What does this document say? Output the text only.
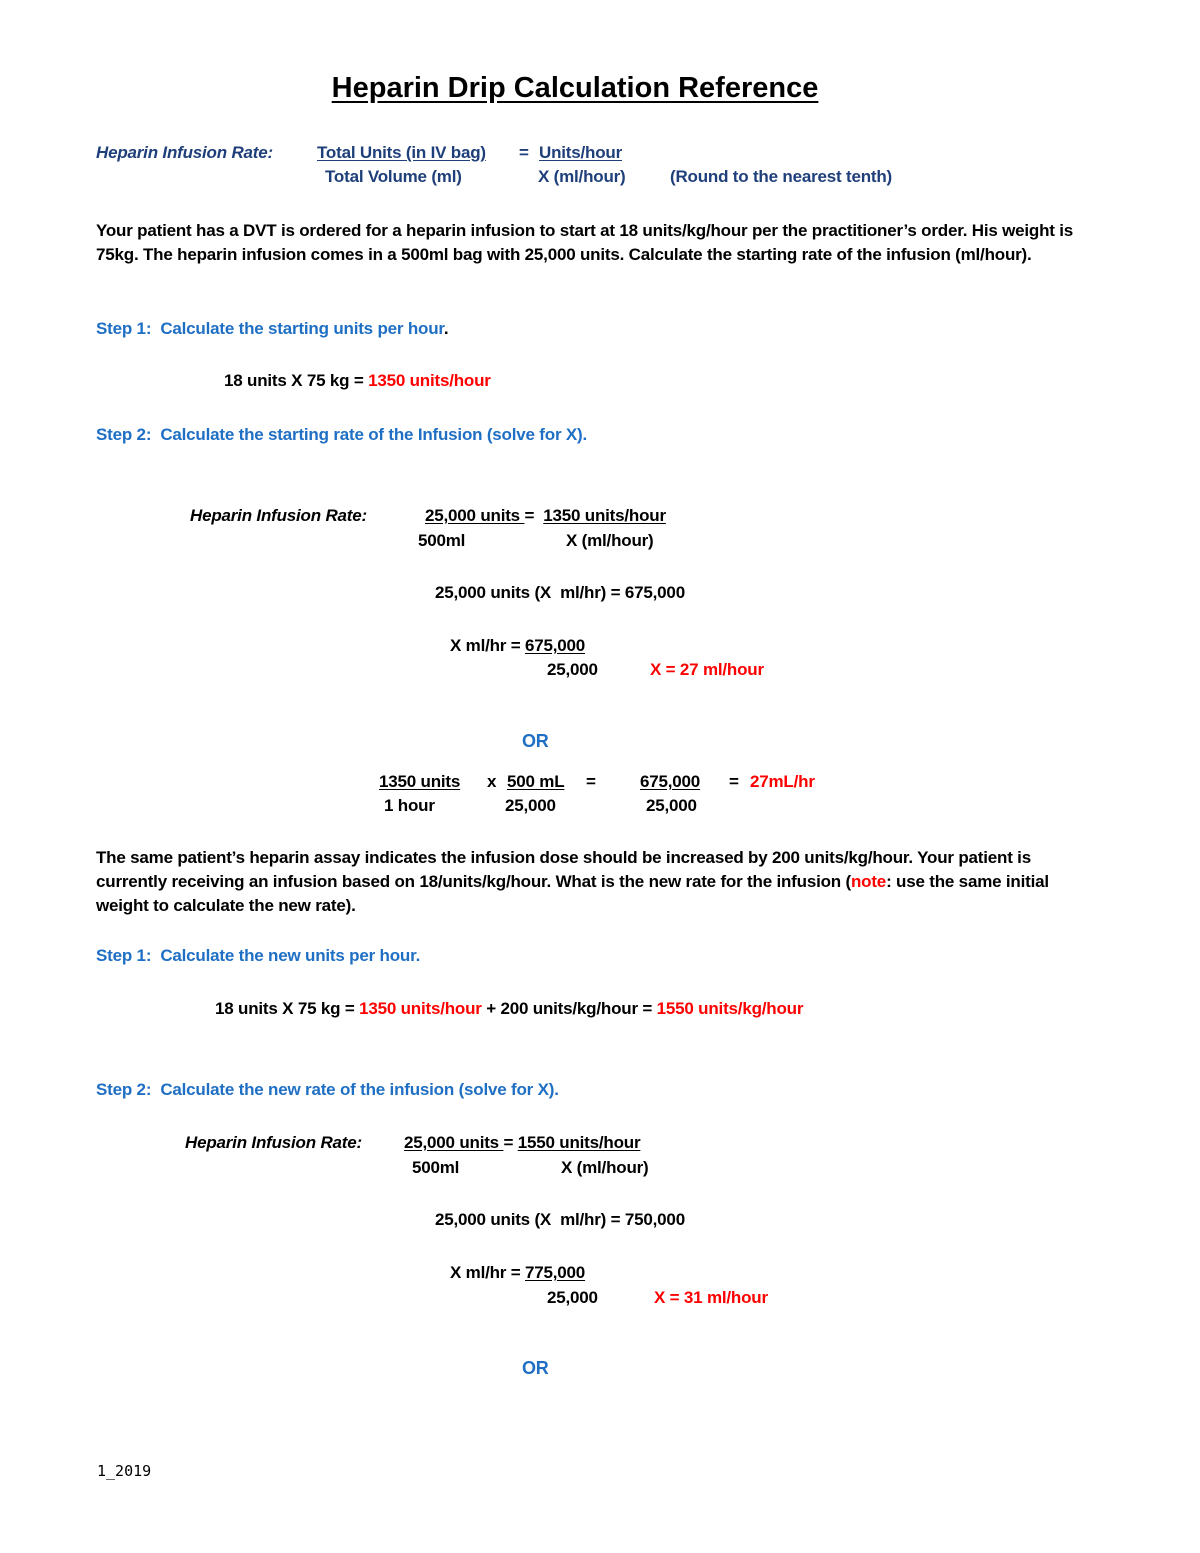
Heparin Drip Calculation Reference
Heparin Infusion Rate:	Total Units (in IV bag) = Units/hour
Total Volume (ml)	X (ml/hour)	(Round to the nearest tenth)
Your patient has a DVT is ordered for a heparin infusion to start at 18 units/kg/hour per the practitioner’s order. His weight is 75kg. The heparin infusion comes in a 500ml bag with 25,000 units. Calculate the starting rate of the infusion (ml/hour).
Step 1:  Calculate the starting units per hour.
18 units X 75 kg = 1350 units/hour
Step 2:  Calculate the starting rate of the Infusion (solve for X).
Heparin Infusion Rate:	25,000 units =  1350 units/hour
500ml	X (ml/hour)
25,000 units (X  ml/hr) = 675,000
X ml/hr = 675,000
25,000	X = 27 ml/hour
OR
1350 units x 500 mL =	675,000 = 27mL/hr
1 hour	25,000	25,000
The same patient’s heparin assay indicates the infusion dose should be increased by 200 units/kg/hour. Your patient is currently receiving an infusion based on 18/units/kg/hour. What is the new rate for the infusion (note: use the same initial weight to calculate the new rate).
Step 1:  Calculate the new units per hour.
18 units X 75 kg = 1350 units/hour + 200 units/kg/hour = 1550 units/kg/hour
Step 2:  Calculate the new rate of the infusion (solve for X).
Heparin Infusion Rate: 25,000 units = 1550 units/hour
500ml	X (ml/hour)
25,000 units (X  ml/hr) = 750,000
X ml/hr = 775,000
25,000	X = 31 ml/hour
OR
1_2019
